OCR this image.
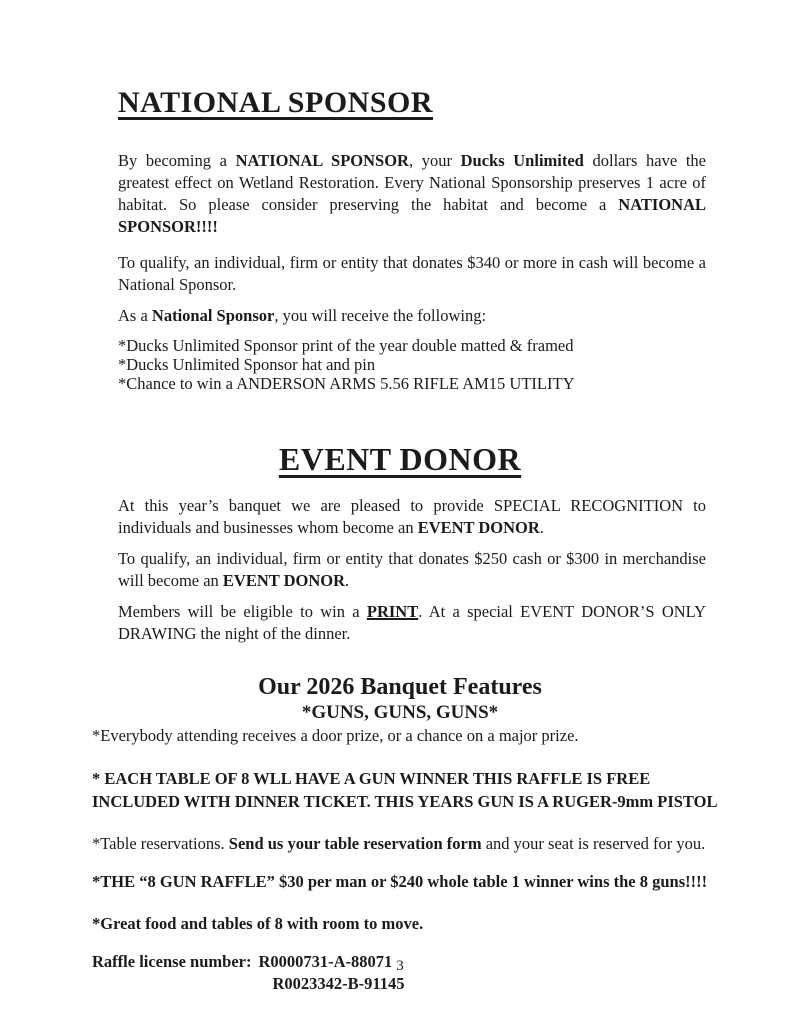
NATIONAL SPONSOR

By becoming a NATIONAL SPONSOR, your Ducks Unlimited dollars have the greatest effect on Wetland Restoration. Every National Sponsorship preserves 1 acre of habitat. So please consider preserving the habitat and become a NATIONAL SPONSOR!!!!

To qualify, an individual, firm or entity that donates $340 or more in cash will become a National Sponsor.

As a National Sponsor, you will receive the following:

*Ducks Unlimited Sponsor print of the year double matted & framed
*Ducks Unlimited Sponsor hat and pin
*Chance to win a ANDERSON ARMS 5.56 RIFLE AM15 UTILITY
EVENT DONOR

At this year’s banquet we are pleased to provide SPECIAL RECOGNITION to individuals and businesses whom become an EVENT DONOR.

To qualify, an individual, firm or entity that donates $250 cash or $300 in merchandise will become an EVENT DONOR.

Members will be eligible to win a PRINT. At a special EVENT DONOR’S ONLY DRAWING the night of the dinner.

Our 2026 Banquet Features
*GUNS, GUNS, GUNS*

*Everybody attending receives a door prize, or a chance on a major prize.

* EACH TABLE OF 8 WLL HAVE A GUN WINNER THIS RAFFLE IS FREE
INCLUDED WITH DINNER TICKET. THIS YEARS GUN IS A RUGER-9mm PISTOL

*Table reservations. Send us your table reservation form and your seat is reserved for you.

*THE “8 GUN RAFFLE” $30 per man or $240 whole table 1 winner wins the 8 guns!!!!

*Great food and tables of 8 with room to move.

Raffle license number: R0000731-A-88071
R0023342-B-91145
3
